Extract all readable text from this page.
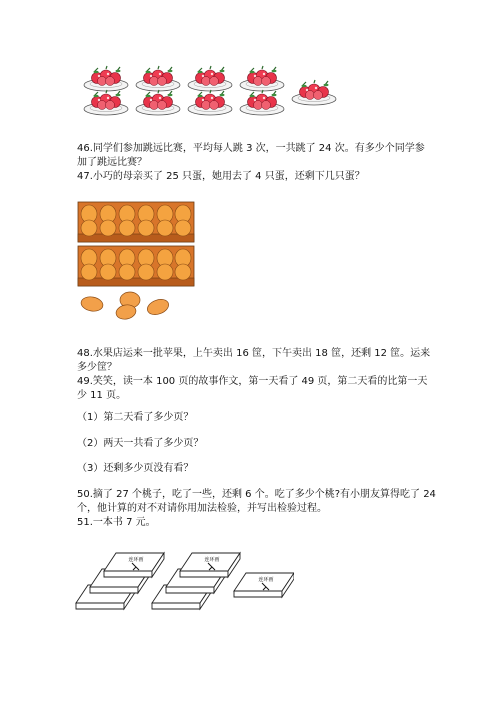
46.同学们参加跳远比赛，平均每人跳 3 次，一共跳了 24 次。有多少个同学参
加了跳远比赛？
47.小巧的母亲买了 25 只蛋，她用去了 4 只蛋，还剩下几只蛋？
48.水果店运来一批苹果，上午卖出 16 筐，下午卖出 18 筐，还剩 12 筐。运来
多少筐？
49.笑笑，读一本 100 页的故事作文，第一天看了 49 页，第二天看的比第一天
少 11 页。
（1）第二天看了多少页？
（2）两天一共看了多少页？
（3）还剩多少页没有看？
50.摘了 27 个桃子，吃了一些，还剩 6 个。吃了多少个桃?有小朋友算得吃了 24
个，他计算的对不对请你用加法检验，并写出检验过程。
51.一本书 7 元。
连环画	连环画
连环画
